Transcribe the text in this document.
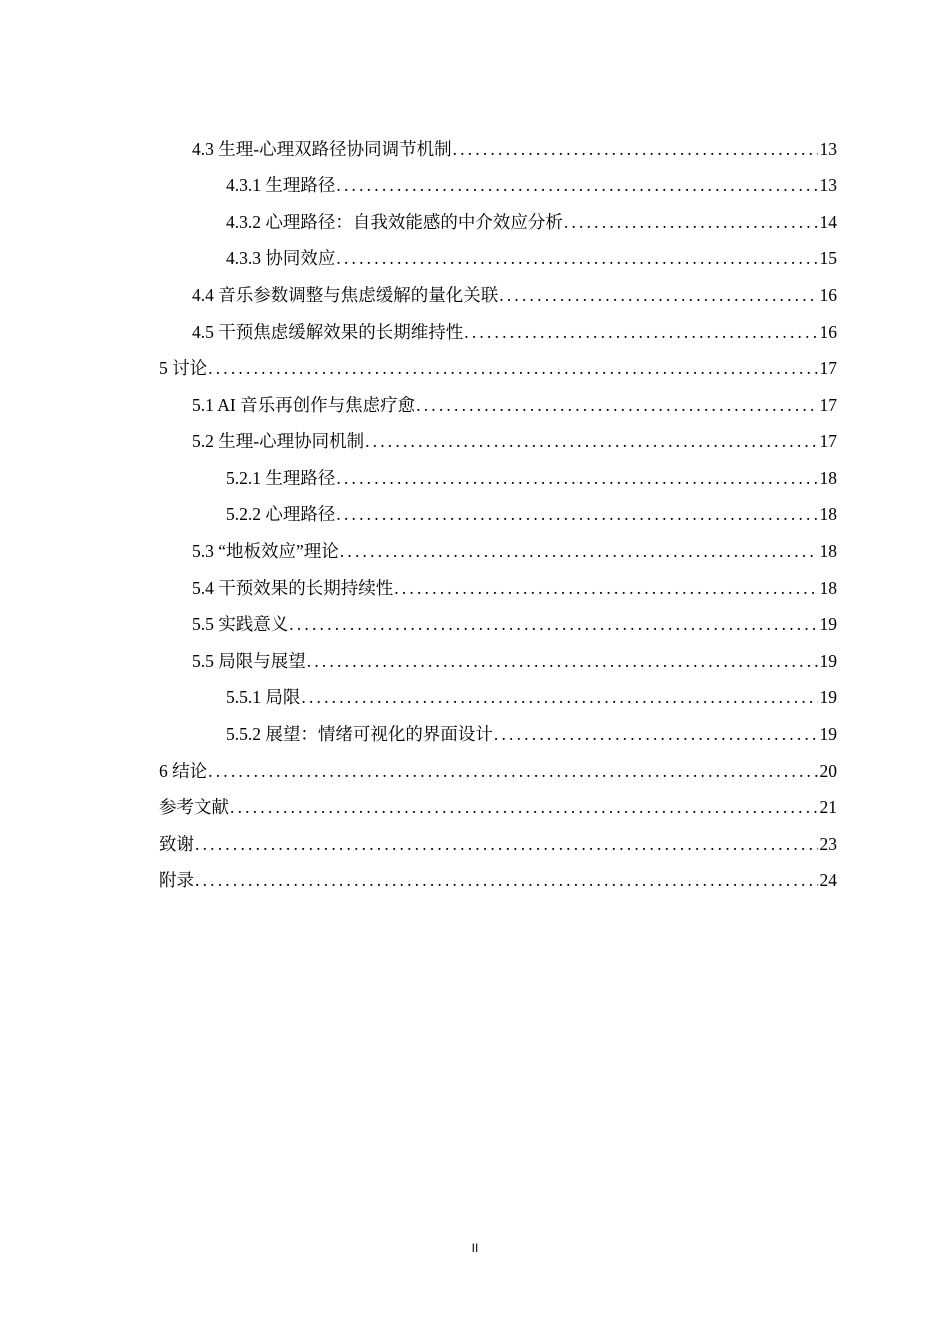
4.3 生理-心理双路径协同调节机制 .....	13
4.3.1 生理路径 .....	13
4.3.2 心理路径：自我效能感的中介效应分析 .....	14
4.3.3 协同效应 .....	15
4.4 音乐参数调整与焦虑缓解的量化关联 .....	16
4.5 干预焦虑缓解效果的长期维持性 .....	16
5 讨论 .....	17
5.1 AI 音乐再创作与焦虑疗愈 .....	17
5.2 生理-心理协同机制 .....	17
5.2.1 生理路径 .....	18
5.2.2 心理路径 .....	18
5.3 “地板效应”理论 .....	18
5.4 干预效果的长期持续性 .....	18
5.5 实践意义 .....	19
5.5 局限与展望 .....	19
5.5.1 局限 .....	19
5.5.2 展望：情绪可视化的界面设计 .....	19
6 结论 .....	20
参考文献 .....	21
致谢 .....	23
附录 .....	24
II
